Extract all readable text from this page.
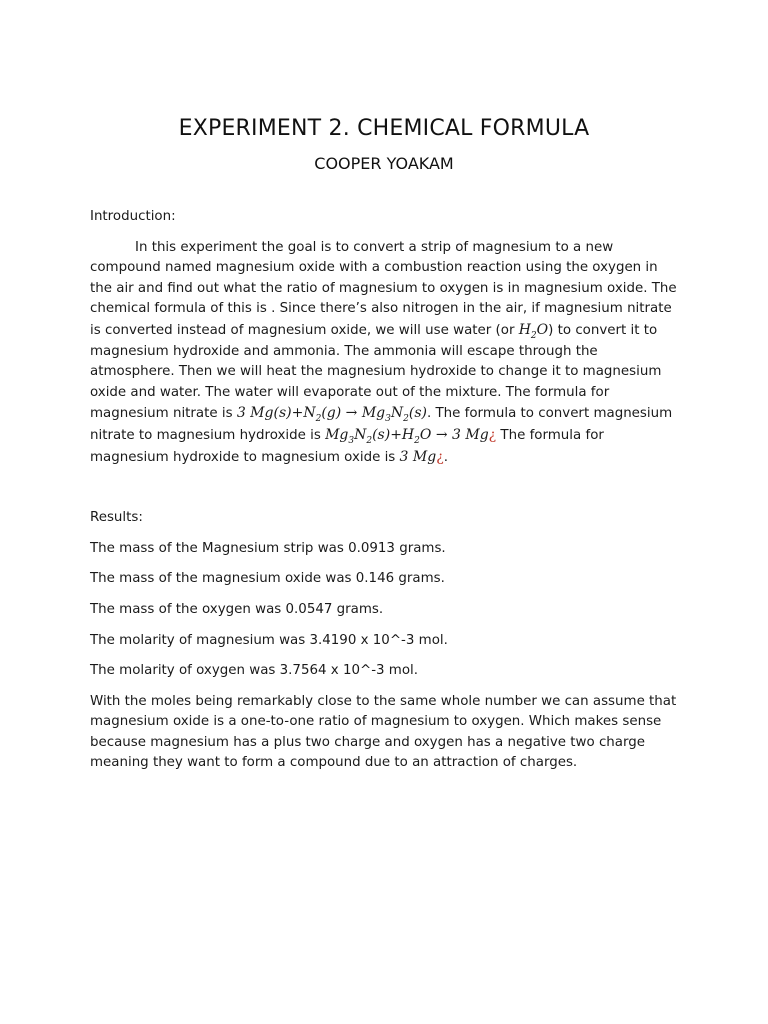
EXPERIMENT 2. CHEMICAL FORMULA
COOPER YOAKAM

Introduction:

In this experiment the goal is to convert a strip of magnesium to a new compound named magnesium oxide with a combustion reaction using the oxygen in the air and find out what the ratio of magnesium to oxygen is in magnesium oxide. The chemical formula of this is . Since there’s also nitrogen in the air, if magnesium nitrate is converted instead of magnesium oxide, we will use water (or $H_2O$) to convert it to magnesium hydroxide and ammonia. The ammonia will escape through the atmosphere. Then we will heat the magnesium hydroxide to change it to magnesium oxide and water. The water will evaporate out of the mixture. The formula for magnesium nitrate is 3 $Mg(s)+N_2(g) \to Mg_3N_2(s)$. The formula to convert magnesium nitrate to magnesium hydroxide is $Mg_3N_2(s)+H_2O \to 3$ Mg¿ The formula for magnesium hydroxide to magnesium oxide is 3 Mg¿.

Results:

The mass of the Magnesium strip was 0.0913 grams.

The mass of the magnesium oxide was 0.146 grams.

The mass of the oxygen was 0.0547 grams.

The molarity of magnesium was 3.4190 x 10^-3 mol.

The molarity of oxygen was 3.7564 x 10^-3 mol.

With the moles being remarkably close to the same whole number we can assume that magnesium oxide is a one-to-one ratio of magnesium to oxygen. Which makes sense because magnesium has a plus two charge and oxygen has a negative two charge meaning they want to form a compound due to an attraction of charges.
